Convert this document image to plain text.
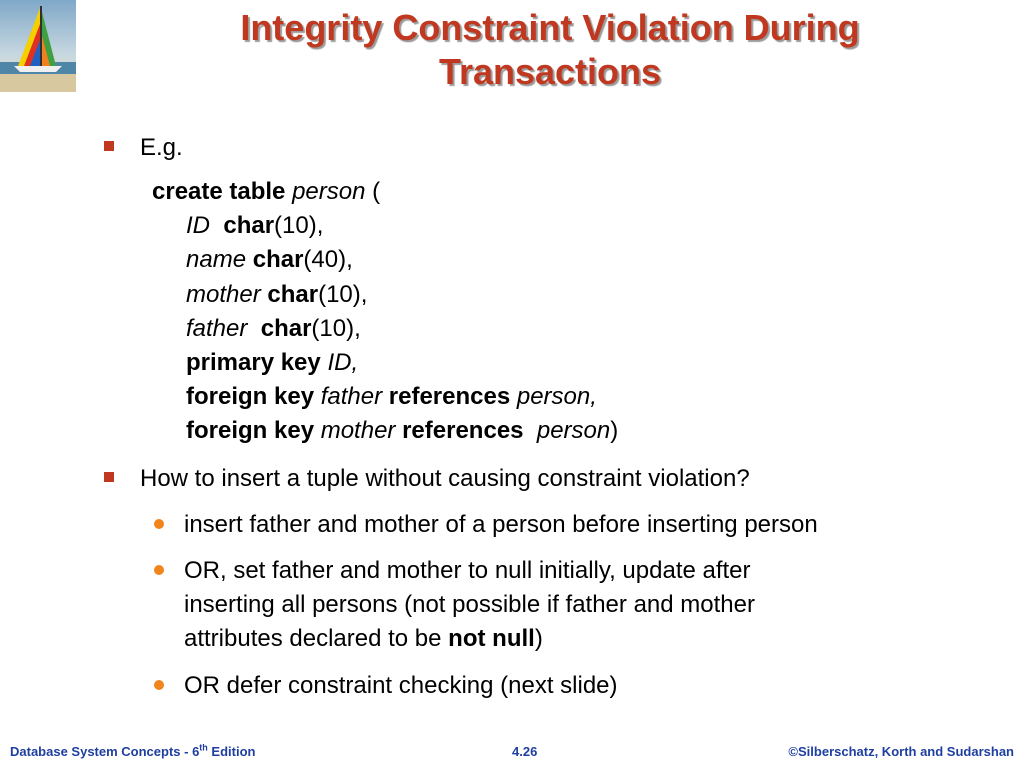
Integrity Constraint Violation During
Transactions
E.g.
create table person (
ID char(10),
name char(40),
mother char(10),
father char(10),
primary key ID,
foreign key father references person,
foreign key mother references person)
How to insert a tuple without causing constraint violation?
insert father and mother of a person before inserting person
OR, set father and mother to null initially, update after
inserting all persons (not possible if father and mother
attributes declared to be not null)
OR defer constraint checking (next slide)
Database System Concepts - 6th Edition	4.26	©Silberschatz, Korth and Sudarshan
